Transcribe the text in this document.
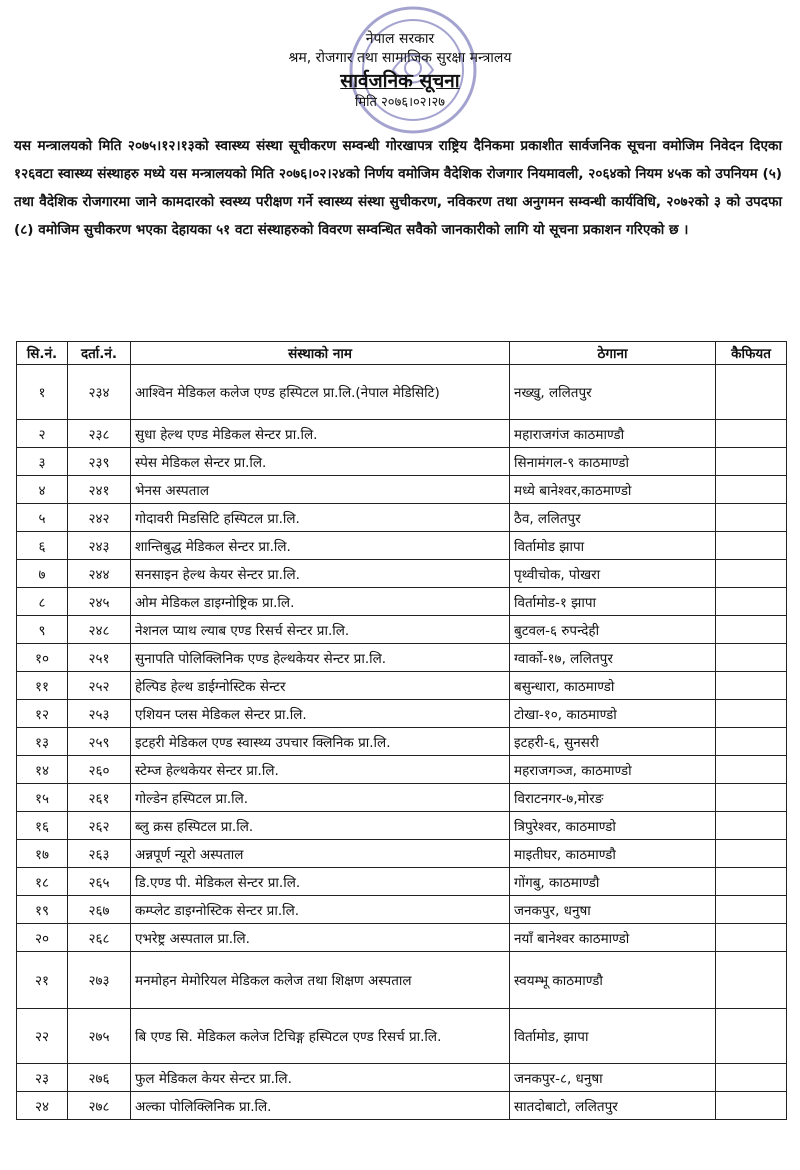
नेपाल सरकार
श्रम, रोजगार तथा सामाजिक सुरक्षा मन्त्रालय
सार्वजनिक सूचना
मिति २०७६।०२।२७
यस मन्त्रालयको मिति २०७५।१२।१३को स्वास्थ्य संस्था सूचीकरण सम्वन्धी गोरखापत्र राष्ट्रिय दैनिकमा प्रकाशीत सार्वजनिक सूचना वमोजिम निवेदन दिएका १२६वटा स्वास्थ्य संस्थाहरु मध्ये यस मन्त्रालयको मिति २०७६।०२।२४को निर्णय वमोजिम वैदेशिक रोजगार नियमावली, २०६४को नियम ४५क को उपनियम (५) तथा वैदेशिक रोजगारमा जाने कामदारको स्वस्थ्य परीक्षण गर्ने स्वास्थ्य संस्था सुचीकरण, नविकरण तथा अनुगमन सम्वन्धी कार्यविधि, २०७२को ३ को उपदफा (८) वमोजिम सुचीकरण भएका देहायका ५१ वटा संस्थाहरुको विवरण सम्वन्धित सवैको जानकारीको लागि यो सूचना प्रकाशन गरिएको छ ।
सि.नं.	दर्ता.नं.	संस्थाको नाम	ठेगाना	कैफियत
१	२३४	आश्विन मेडिकल कलेज एण्ड हस्पिटल प्रा.लि.(नेपाल मेडिसिटि)	नख्खु, ललितपुर	
२	२३८	सुधा हेल्थ एण्ड मेडिकल सेन्टर प्रा.लि.	महाराजगंज काठमाण्डौ	
३	२३९	स्पेस मेडिकल सेन्टर प्रा.लि.	सिनामंगल-९ काठमाण्डो	
४	२४१	भेनस अस्पताल	मध्ये बानेश्वर,काठमाण्डो	
५	२४२	गोदावरी मिडसिटि हस्पिटल प्रा.लि.	ठैव, ललितपुर	
६	२४३	शान्तिबुद्ध मेडिकल सेन्टर प्रा.लि.	विर्तामोड झापा	
७	२४४	सनसाइन हेल्थ केयर सेन्टर प्रा.लि.	पृथ्वीचोक, पोखरा	
८	२४५	ओम मेडिकल डाइग्नोष्ट्रिक प्रा.लि.	विर्तामोड-१ झापा	
९	२४८	नेशनल प्याथ ल्याब एण्ड रिसर्च सेन्टर प्रा.लि.	बुटवल-६ रुपन्देही	
१०	२५१	सुनापति पोलिक्लिनिक एण्ड हेल्थकेयर सेन्टर प्रा.लि.	ग्वार्को-१७, ललितपुर	
११	२५२	हेल्पिड हेल्थ डाईग्नोस्टिक सेन्टर	बसुन्धारा, काठमाण्डो	
१२	२५३	एशियन प्लस मेडिकल सेन्टर प्रा.लि.	टोखा-१०, काठमाण्डो	
१३	२५९	इटहरी मेडिकल एण्ड स्वास्थ्य उपचार क्लिनिक प्रा.लि.	इटहरी-६, सुनसरी	
१४	२६०	स्टेम्ज हेल्थकेयर सेन्टर प्रा.लि.	महराजगञ्ज, काठमाण्डो	
१५	२६१	गोल्डेन हस्पिटल प्रा.लि.	विराटनगर-७,मोरङ	
१६	२६२	ब्लु क्रस हस्पिटल प्रा.लि.	त्रिपुरेश्वर, काठमाण्डो	
१७	२६३	अन्नपूर्ण न्यूरो अस्पताल	माइतीघर, काठमाण्डौ	
१८	२६५	डि.एण्ड पी. मेडिकल सेन्टर प्रा.लि.	गोंगबु, काठमाण्डौ	
१९	२६७	कम्प्लेट डाइग्नोस्टिक सेन्टर प्रा.लि.	जनकपुर, धनुषा	
२०	२६८	एभरेष्ट्र अस्पताल प्रा.लि.	नयाँ बानेश्वर काठमाण्डो	
२१	२७३	मनमोहन मेमोरियल मेडिकल कलेज तथा शिक्षण अस्पताल	स्वयम्भू काठमाण्डौ	
२२	२७५	बि एण्ड सि. मेडिकल कलेज टिचिङ्ग हस्पिटल एण्ड रिसर्च प्रा.लि.	विर्तामोड, झापा	
२३	२७६	फुल मेडिकल केयर सेन्टर प्रा.लि.	जनकपुर-८, धनुषा	
२४	२७८	अल्का पोलिक्लिनिक प्रा.लि.	सातदोबाटो, ललितपुर	
